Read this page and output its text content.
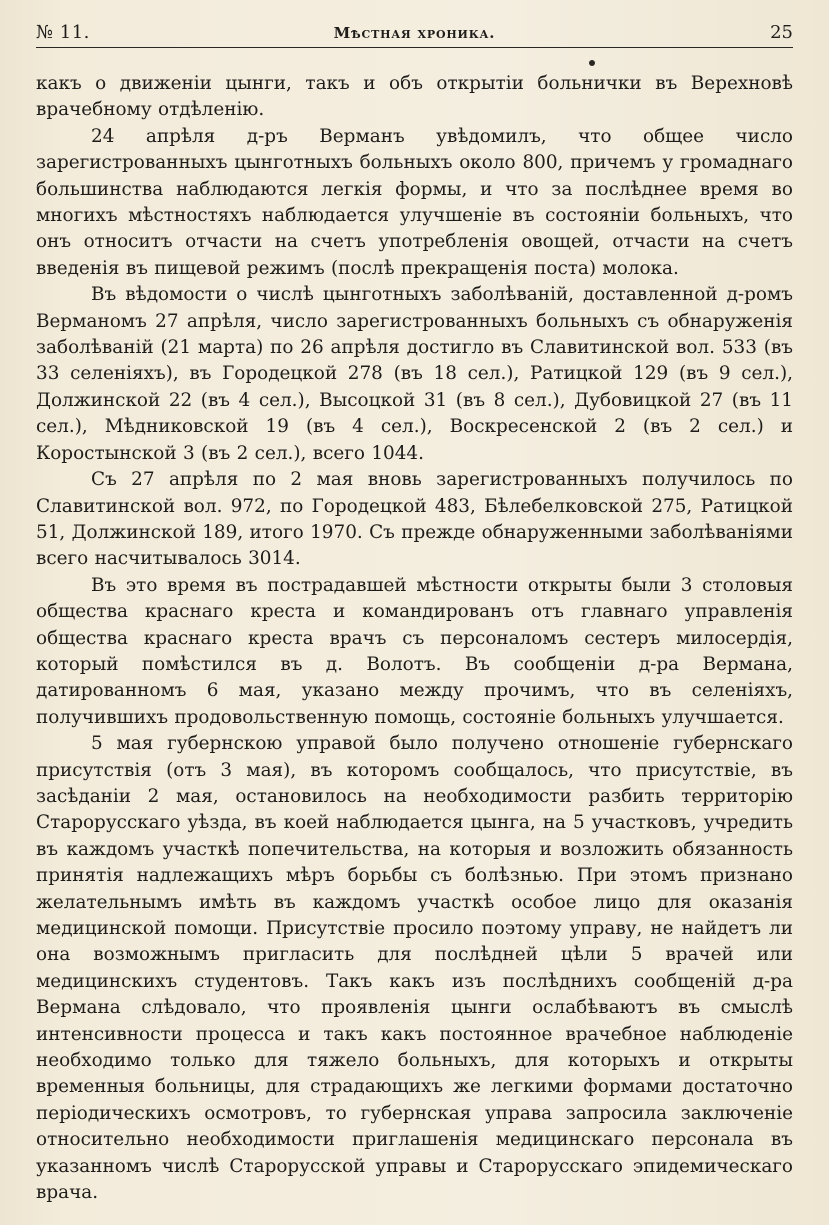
№ 11.	Мѣстная хроника.	25

какъ о движеніи цынги, такъ и объ открытіи больнички въ Верехновѣ врачебному отдѣленію.

24 апрѣля д-ръ Верманъ увѣдомилъ, что общее число зарегистрованныхъ цынготныхъ больныхъ около 800, причемъ у громаднаго большинства наблюдаются легкія формы, и что за послѣднее время во многихъ мѣстностяхъ наблюдается улучшеніе въ состояніи больныхъ, что онъ относитъ отчасти на счетъ употребленія овощей, отчасти на счетъ введенія въ пищевой режимъ (послѣ прекращенія поста) молока.

Въ вѣдомости о числѣ цынготныхъ заболѣваній, доставленной д-ромъ Верманомъ 27 апрѣля, число зарегистрованныхъ больныхъ съ обнаруженія заболѣваній (21 марта) по 26 апрѣля достигло въ Славитинской вол. 533 (въ 33 селеніяхъ), въ Городецкой 278 (въ 18 сел.), Ратицкой 129 (въ 9 сел.), Должинской 22 (въ 4 сел.), Высоцкой 31 (въ 8 сел.), Дубовицкой 27 (въ 11 сел.), Мѣдниковской 19 (въ 4 сел.), Воскресенской 2 (въ 2 сел.) и Коростынской 3 (въ 2 сел.), всего 1044.

Съ 27 апрѣля по 2 мая вновь зарегистрованныхъ получилось по Славитинской вол. 972, по Городецкой 483, Бѣлебелковской 275, Ратицкой 51, Должинской 189, итого 1970. Съ прежде обнаруженными заболѣваніями всего насчитывалось 3014.

Въ это время въ пострадавшей мѣстности открыты были 3 столовыя общества краснаго креста и командированъ отъ главнаго управленія общества краснаго креста врачъ съ персоналомъ сестеръ милосердія, который помѣстился въ д. Волотъ. Въ сообщеніи д-ра Вермана, датированномъ 6 мая, указано между прочимъ, что въ селеніяхъ, получившихъ продовольственную помощь, состояніе больныхъ улучшается.

5 мая губернскою управой было получено отношеніе губернскаго присутствія (отъ 3 мая), въ которомъ сообщалось, что присутствіе, въ засѣданіи 2 мая, остановилось на необходимости разбить территорію Старорусскаго уѣзда, въ коей наблюдается цынга, на 5 участковъ, учредить въ каждомъ участкѣ попечительства, на которыя и возложить обязанность принятія надлежащихъ мѣръ борьбы съ болѣзнью. При этомъ признано желательнымъ имѣть въ каждомъ участкѣ особое лицо для оказанія медицинской помощи. Присутствіе просило поэтому управу, не найдетъ ли она возможнымъ пригласить для послѣдней цѣли 5 врачей или медицинскихъ студентовъ. Такъ какъ изъ послѣднихъ сообщеній д-ра Вермана слѣдовало, что проявленія цынги ослабѣваютъ въ смыслѣ интенсивности процесса и такъ какъ постоянное врачебное наблюденіе необходимо только для тяжело больныхъ, для которыхъ и открыты временныя больницы, для страдающихъ же легкими формами достаточно періодическихъ осмотровъ, то губернская управа запросила заключеніе относительно необходимости приглашенія медицинскаго персонала въ указанномъ числѣ Старорусской управы и Старорусскаго эпидемическаго врача.
